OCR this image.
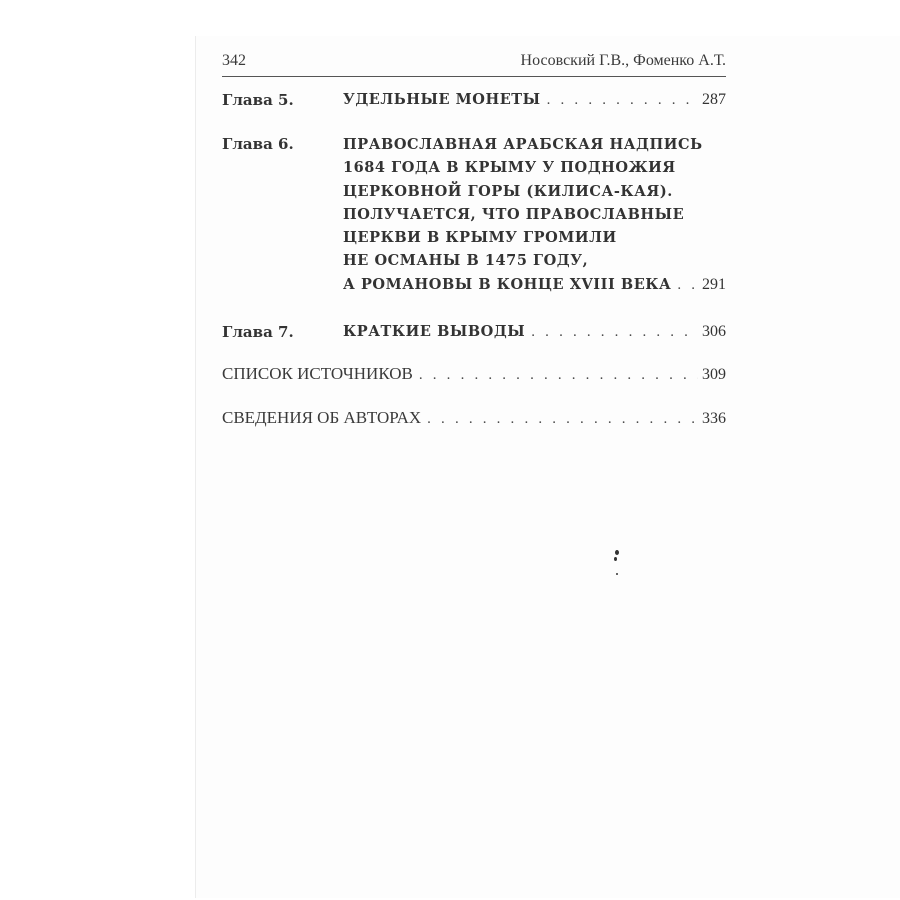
342	Носовский Г.В., Фоменко А.Т.
Глава 5.	УДЕЛЬНЫЕ МОНЕТЫ . . .	287
Глава 6.	ПРАВОСЛАВНАЯ АРАБСКАЯ НАДПИСЬ
1684 ГОДА В КРЫМУ У ПОДНОЖИЯ
ЦЕРКОВНОЙ ГОРЫ (КИЛИСА-КАЯ).
ПОЛУЧАЕТСЯ, ЧТО ПРАВОСЛАВНЫЕ
ЦЕРКВИ В КРЫМУ ГРОМИЛИ
НЕ ОСМАНЫ В 1475 ГОДУ,
А РОМАНОВЫ В КОНЦЕ XVIII ВЕКА . . . 291
Глава 7.	КРАТКИЕ ВЫВОДЫ . . .	306
СПИСОК ИСТОЧНИКОВ . . .	309
СВЕДЕНИЯ ОБ АВТОРАХ . . .	336
